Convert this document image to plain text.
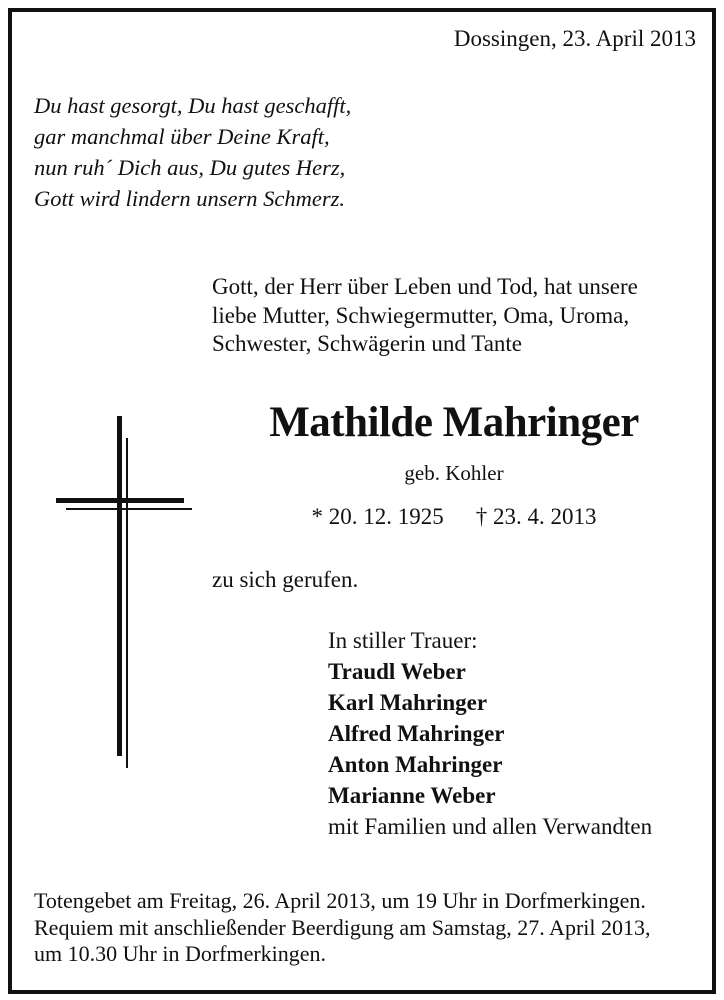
Dossingen, 23. April 2013
Du hast gesorgt, Du hast geschafft,
gar manchmal über Deine Kraft,
nun ruh´ Dich aus, Du gutes Herz,
Gott wird lindern unsern Schmerz.
Gott, der Herr über Leben und Tod, hat unsere
liebe Mutter, Schwiegermutter, Oma, Uroma,
Schwester, Schwägerin und Tante
Mathilde Mahringer
geb. Kohler
* 20. 12. 1925 † 23. 4. 2013
zu sich gerufen.
In stiller Trauer:
Traudl Weber
Karl Mahringer
Alfred Mahringer
Anton Mahringer
Marianne Weber
mit Familien und allen Verwandten
Totengebet am Freitag, 26. April 2013, um 19 Uhr in Dorfmerkingen.
Requiem mit anschließender Beerdigung am Samstag, 27. April 2013,
um 10.30 Uhr in Dorfmerkingen.
